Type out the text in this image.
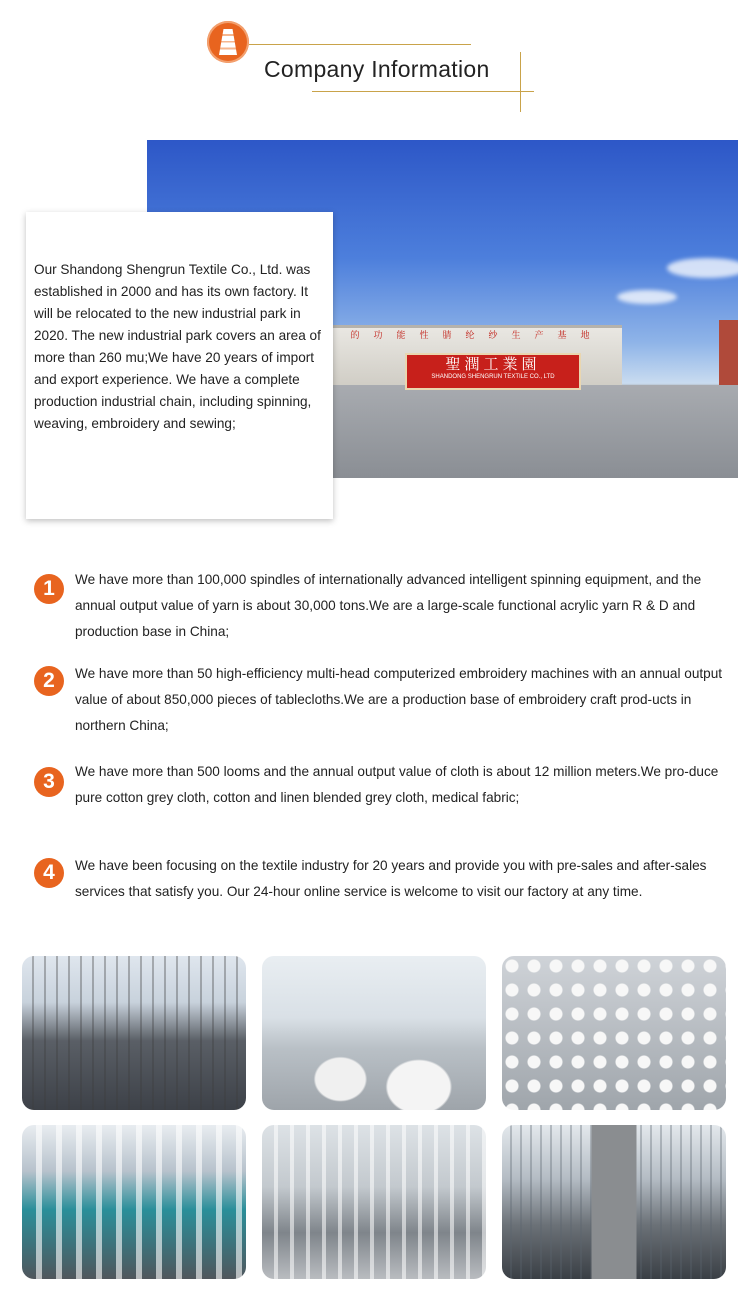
Company Information
的功能性腈纶纱生产基地
聖潤工業園
SHANDONG SHENGRUN TEXTILE CO., LTD
Our Shandong Shengrun Textile Co., Ltd. was established in 2000 and has its own factory. It will be relocated to the new industrial park in 2020. The new industrial park covers an area of more than 260 mu;We have 20 years of import and export experience. We have a complete production industrial chain, including spinning, weaving, embroidery and sewing;
1	We have more than 100,000 spindles of internationally advanced intelligent spinning equipment, and the annual output value of yarn is about 30,000 tons.We are a large-scale functional acrylic yarn R & D and production base in China;
2	We have more than 50 high-efficiency multi-head computerized embroidery machines with an annual output value of about 850,000 pieces of tablecloths.We are a production base of embroidery craft prod-ucts in northern China;
3	We have more than 500 looms and the annual output value of cloth is about 12 million meters.We pro-duce pure cotton grey cloth, cotton and linen blended grey cloth, medical fabric;
4	We have been focusing on the textile industry for 20 years and provide you with pre-sales and after-sales services that satisfy you. Our 24-hour online service is welcome to visit our factory at any time.
